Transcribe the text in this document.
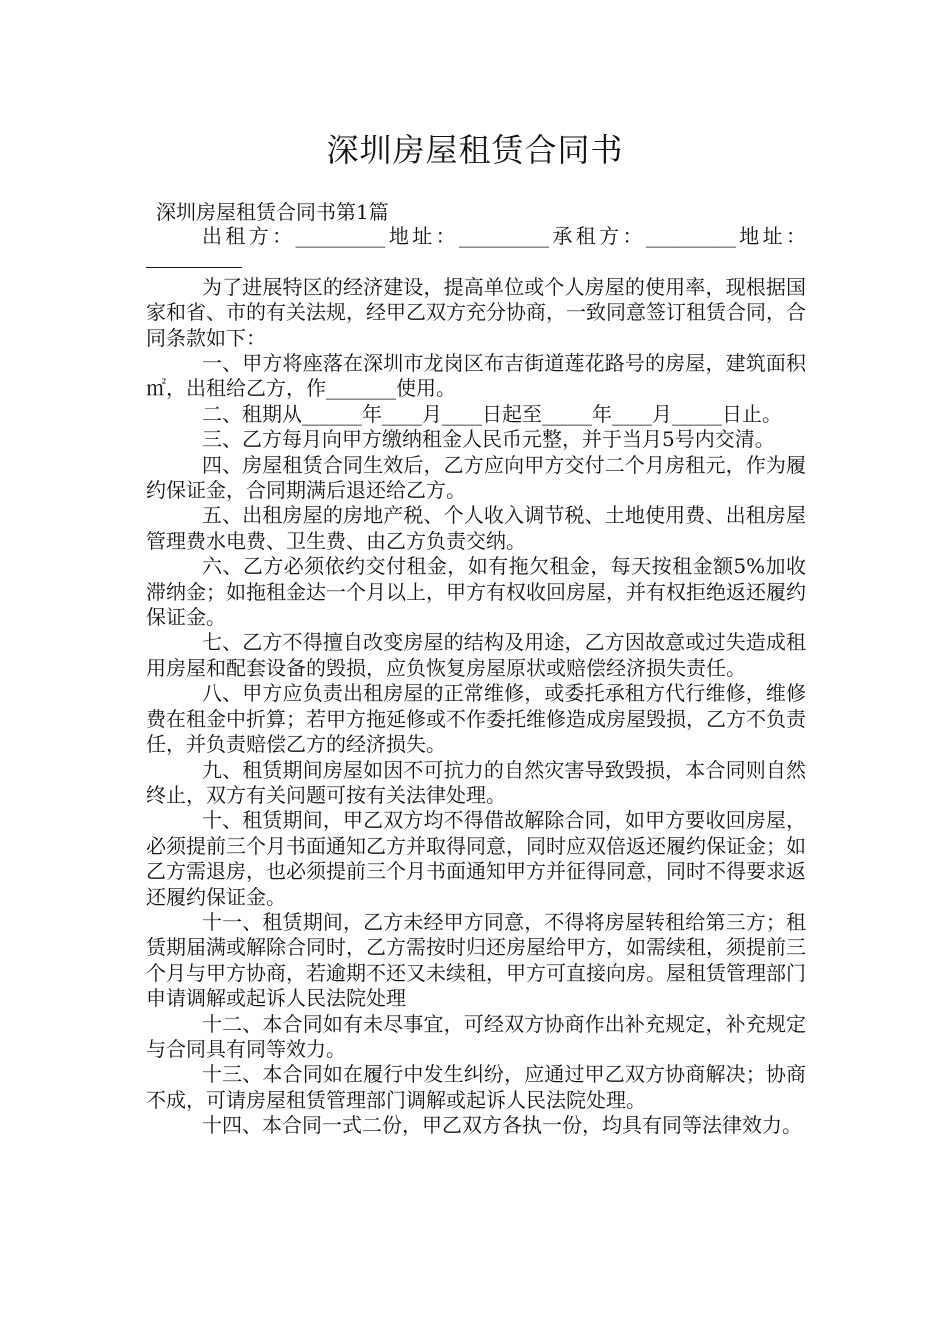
深圳房屋租赁合同书
深圳房屋租赁合同书第1篇
出租方：_________地址：_________承租方：_________地址：

为了进展特区的经济建设，提高单位或个人房屋的使用率，现根据国家和省、市的有关法规，经甲乙双方充分协商，一致同意签订租赁合同，合同条款如下：

一、甲方将座落在深圳市龙岗区布吉街道莲花路号的房屋，建筑面积㎡，出租给乙方，作_______使用。

二、租期从______年____月____日起至_____年____月_____日止。

三、乙方每月向甲方缴纳租金人民币元整，并于当月5号内交清。

四、房屋租赁合同生效后，乙方应向甲方交付二个月房租元，作为履约保证金，合同期满后退还给乙方。

五、出租房屋的房地产税、个人收入调节税、土地使用费、出租房屋管理费水电费、卫生费、由乙方负责交纳。

六、乙方必须依约交付租金，如有拖欠租金，每天按租金额5%加收滞纳金；如拖租金达一个月以上，甲方有权收回房屋，并有权拒绝返还履约保证金。

七、乙方不得擅自改变房屋的结构及用途，乙方因故意或过失造成租用房屋和配套设备的毁损，应负恢复房屋原状或赔偿经济损失责任。

八、甲方应负责出租房屋的正常维修，或委托承租方代行维修，维修费在租金中折算；若甲方拖延修或不作委托维修造成房屋毁损，乙方不负责任，并负责赔偿乙方的经济损失。

九、租赁期间房屋如因不可抗力的自然灾害导致毁损，本合同则自然终止，双方有关问题可按有关法律处理。

十、租赁期间，甲乙双方均不得借故解除合同，如甲方要收回房屋，必须提前三个月书面通知乙方并取得同意，同时应双倍返还履约保证金；如乙方需退房，也必须提前三个月书面通知甲方并征得同意，同时不得要求返还履约保证金。

十一、租赁期间，乙方未经甲方同意，不得将房屋转租给第三方；租赁期届满或解除合同时，乙方需按时归还房屋给甲方，如需续租，须提前三个月与甲方协商，若逾期不还又未续租，甲方可直接向房。屋租赁管理部门申请调解或起诉人民法院处理

十二、本合同如有未尽事宜，可经双方协商作出补充规定，补充规定与合同具有同等效力。

十三、本合同如在履行中发生纠纷，应通过甲乙双方协商解决；协商不成，可请房屋租赁管理部门调解或起诉人民法院处理。

十四、本合同一式二份，甲乙双方各执一份，均具有同等法律效力。
